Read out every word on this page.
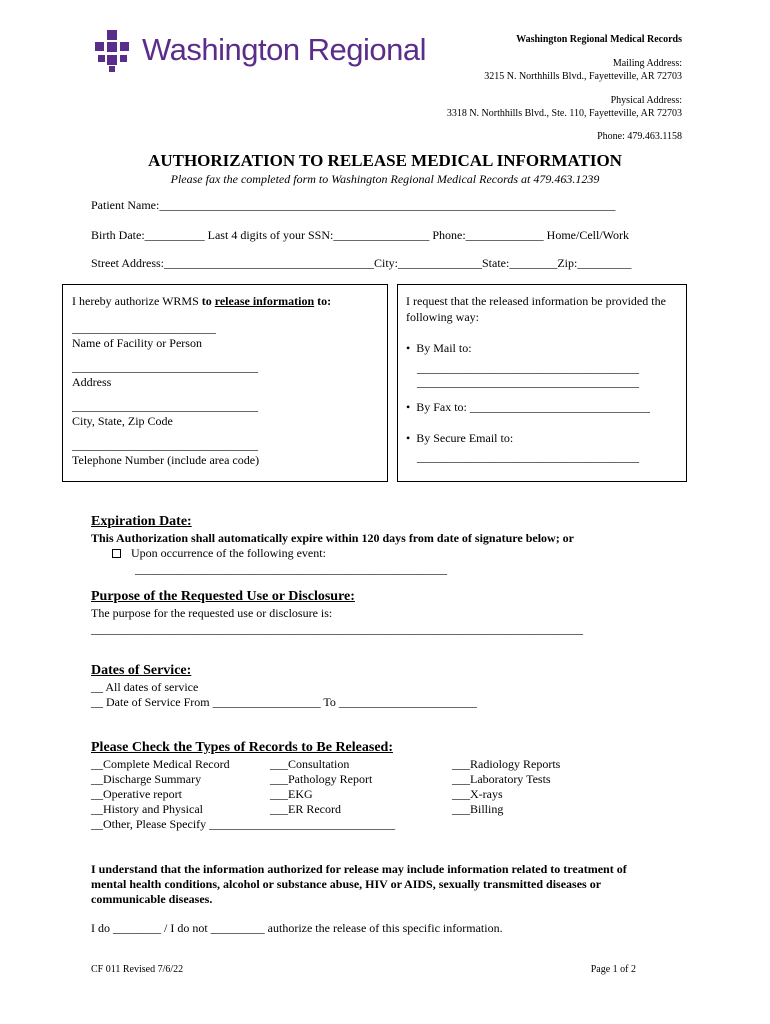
Washington Regional	Washington Regional Medical Records
Mailing Address:
3215 N. Northhills Blvd., Fayetteville, AR 72703
Physical Address:
3318 N. Northhills Blvd., Ste. 110, Fayetteville, AR 72703
Phone: 479.463.1158
AUTHORIZATION TO RELEASE MEDICAL INFORMATION
Please fax the completed form to Washington Regional Medical Records at 479.463.1239
Patient Name:____________________________________________________________________________
Birth Date:__________ Last 4 digits of your SSN:________________ Phone:_____________ Home/Cell/Work
Street Address:___________________________________City:______________State:________Zip:_________
I hereby authorize WRMS to release information to:
________________________
Name of Facility or Person
_______________________________
Address
_______________________________
City, State, Zip Code
_______________________________
Telephone Number (include area code)
I request that the released information be provided the
following way:
• By Mail to:
_____________________________________
_____________________________________
• By Fax to: ______________________________
• By Secure Email to:
_____________________________________
Expiration Date:
This Authorization shall automatically expire within 120 days from date of signature below; or
Upon occurrence of the following event:
____________________________________________________
Purpose of the Requested Use or Disclosure:
The purpose for the requested use or disclosure is:
__________________________________________________________________________________
Dates of Service:
__ All dates of service
__ Date of Service From __________________ To _______________________
Please Check the Types of Records to Be Released:
__Complete Medical Record
__Discharge Summary
__Operative report
__History and Physical
__Other, Please Specify _______________________________
___Consultation
___Pathology Report
___EKG
___ER Record
___Radiology Reports
___Laboratory Tests
___X-rays
___Billing
I understand that the information authorized for release may include information related to treatment of
mental health conditions, alcohol or substance abuse, HIV or AIDS, sexually transmitted diseases or
communicable diseases.
I do ________ / I do not _________ authorize the release of this specific information.
CF 011 Revised 7/6/22	Page 1 of 2
